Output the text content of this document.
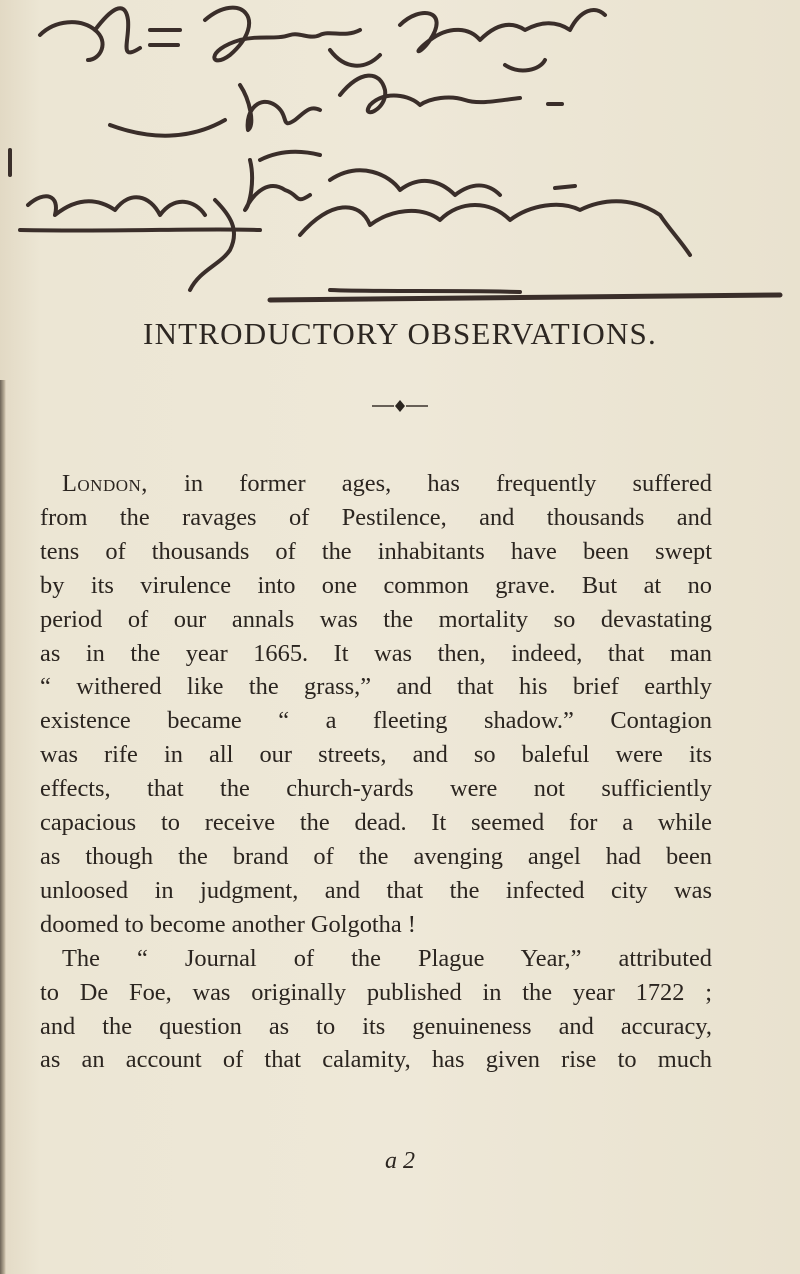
INTRODUCTORY OBSERVATIONS.

London, in former ages, has frequently suffered

from the ravages of Pestilence, and thousands and

tens of thousands of the inhabitants have been swept

by its virulence into one common grave. But at no

period of our annals was the mortality so devastating

as in the year 1665. It was then, indeed, that man

“ withered like the grass,” and that his brief earthly

existence became “ a fleeting shadow.” Contagion

was rife in all our streets, and so baleful were its

effects, that the church-yards were not sufficiently

capacious to receive the dead. It seemed for a while

as though the brand of the avenging angel had been

unloosed in judgment, and that the infected city was

doomed to become another Golgotha !

The “ Journal of the Plague Year,” attributed

to De Foe, was originally published in the year 1722 ;

and the question as to its genuineness and accuracy,

as an account of that calamity, has given rise to much

a 2
